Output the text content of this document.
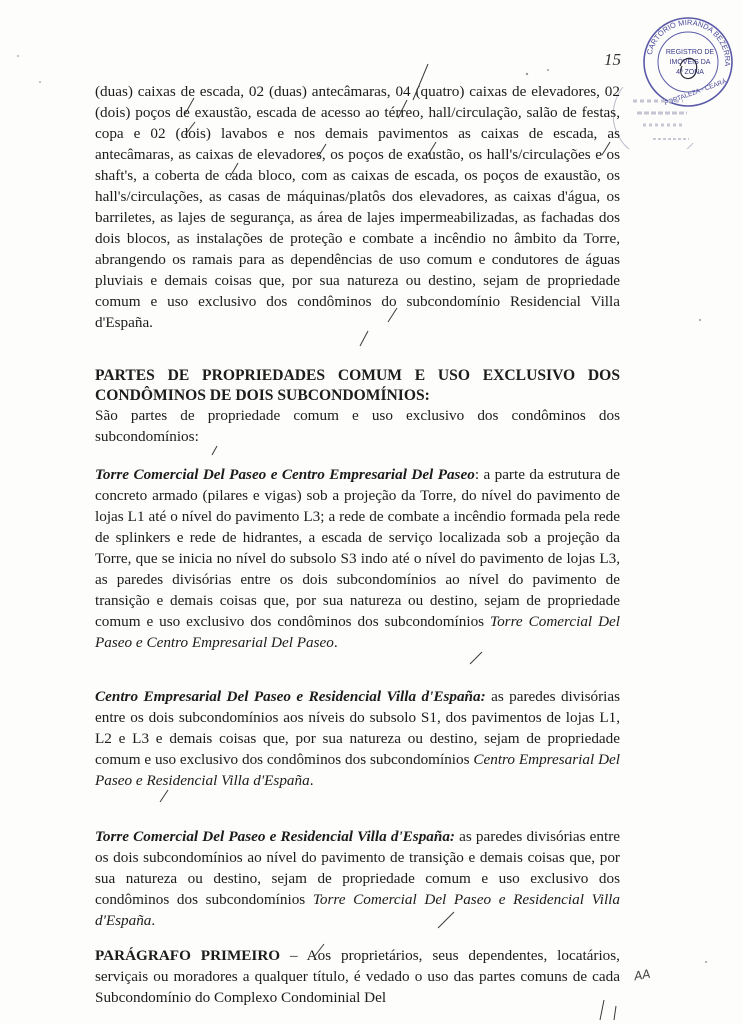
CARTÓRIO MIRANDA BEZERRA
REGISTRO DE
IMÓVEIS DA
4ª ZONA
FORTALEZA - CEARÁ
15

(duas) caixas de escada, 02 (duas) antecâmaras, 04 (quatro) caixas de elevadores, 02 (dois) poços de exaustão, escada de acesso ao térreo, hall/circulação, salão de festas, copa e 02 (dois) lavabos e nos demais pavimentos as caixas de escada, as antecâmaras, as caixas de elevadores, os poços de exaustão, os hall's/circulações e os shaft's, a coberta de cada bloco, com as caixas de escada, os poços de exaustão, os hall's/circulações, as casas de máquinas/platôs dos elevadores, as caixas d'água, os barriletes, as lajes de segurança, as área de lajes impermeabilizadas, as fachadas dos dois blocos, as instalações de proteção e combate a incêndio no âmbito da Torre, abrangendo os ramais para as dependências de uso comum e condutores de águas pluviais e demais coisas que, por sua natureza ou destino, sejam de propriedade comum e uso exclusivo dos condôminos do subcondomínio Residencial Villa d'España.

PARTES DE PROPRIEDADES COMUM E USO EXCLUSIVO DOS CONDÔMINOS DE DOIS SUBCONDOMÍNIOS:

São partes de propriedade comum e uso exclusivo dos condôminos dos subcondomínios:

Torre Comercial Del Paseo e Centro Empresarial Del Paseo: a parte da estrutura de concreto armado (pilares e vigas) sob a projeção da Torre, do nível do pavimento de lojas L1 até o nível do pavimento L3; a rede de combate a incêndio formada pela rede de splinkers e rede de hidrantes, a escada de serviço localizada sob a projeção da Torre, que se inicia no nível do subsolo S3 indo até o nível do pavimento de lojas L3, as paredes divisórias entre os dois subcondomínios ao nível do pavimento de transição e demais coisas que, por sua natureza ou destino, sejam de propriedade comum e uso exclusivo dos condôminos dos subcondomínios Torre Comercial Del Paseo e Centro Empresarial Del Paseo.

Centro Empresarial Del Paseo e Residencial Villa d'España: as paredes divisórias entre os dois subcondomínios aos níveis do subsolo S1, dos pavimentos de lojas L1, L2 e L3 e demais coisas que, por sua natureza ou destino, sejam de propriedade comum e uso exclusivo dos condôminos dos subcondomínios Centro Empresarial Del Paseo e Residencial Villa d'España.

Torre Comercial Del Paseo e Residencial Villa d'España: as paredes divisórias entre os dois subcondomínios ao nível do pavimento de transição e demais coisas que, por sua natureza ou destino, sejam de propriedade comum e uso exclusivo dos condôminos dos subcondomínios Torre Comercial Del Paseo e Residencial Villa d'España.

PARÁGRAFO PRIMEIRO – Aos proprietários, seus dependentes, locatários, serviçais ou moradores a qualquer título, é vedado o uso das partes comuns de cada Subcondomínio do Complexo Condominial Del

AA
